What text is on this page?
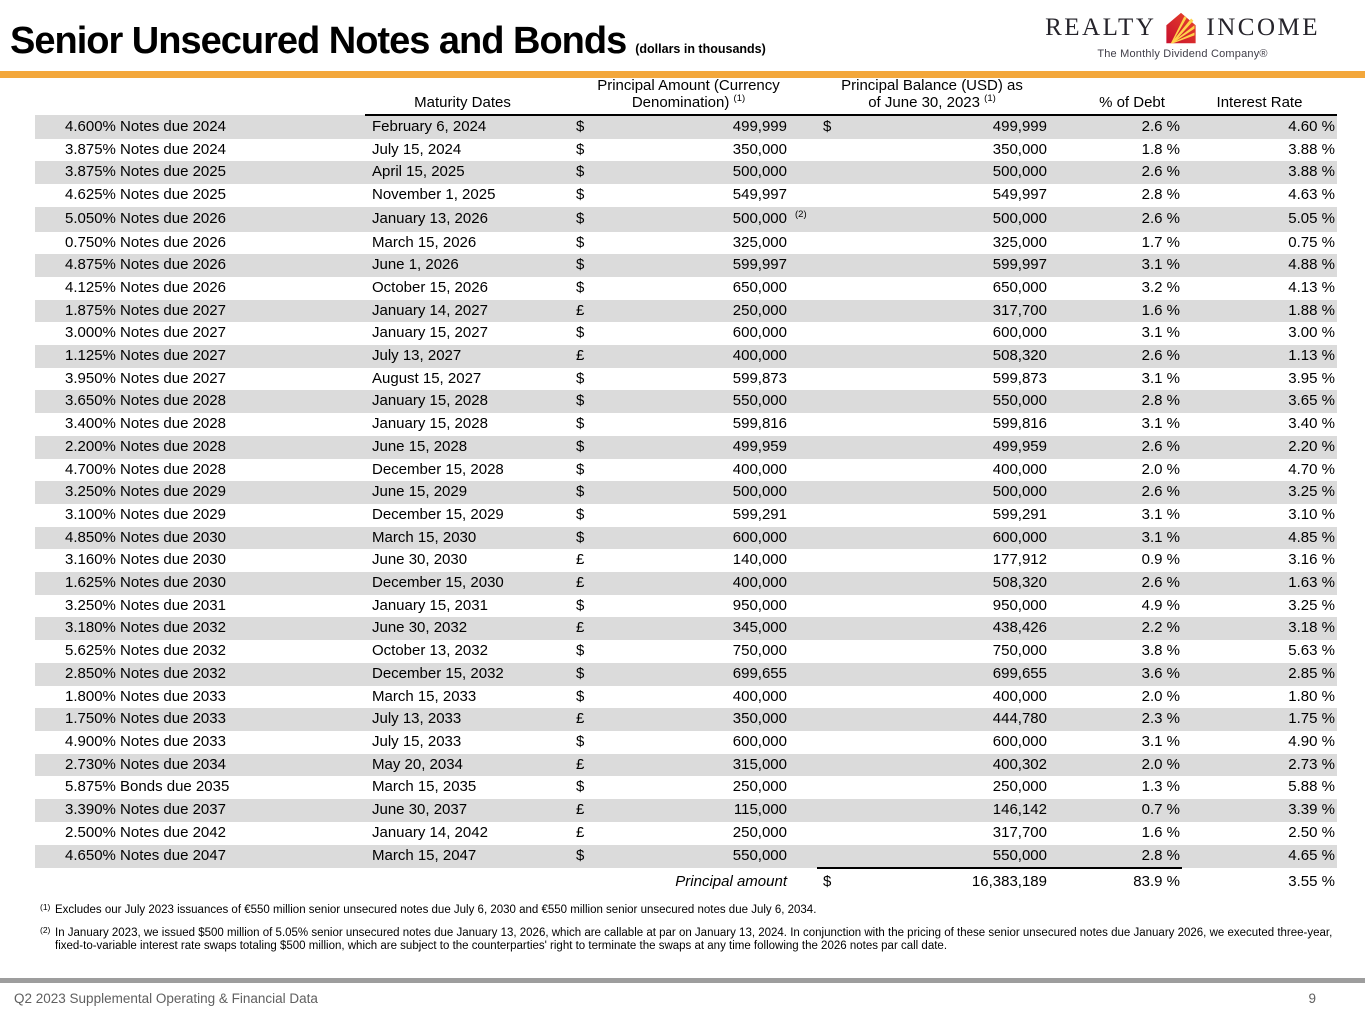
Senior Unsecured Notes and Bonds (dollars in thousands)
REALTY INCOME
The Monthly Dividend Company®
	Maturity Dates	Principal Amount (Currency
Denomination) $^{(1)}$			Principal Balance (USD) as
of June 30, 2023 $^{(1)}$		% of Debt	Interest Rate
4.600% Notes due 2024	February 6, 2024	$	499,999		$	499,999	2.6 %	4.60 %
3.875% Notes due 2024	July 15, 2024	$	350,000			350,000	1.8 %	3.88 %
3.875% Notes due 2025	April 15, 2025	$	500,000			500,000	2.6 %	3.88 %
4.625% Notes due 2025	November 1, 2025	$	549,997			549,997	2.8 %	4.63 %
5.050% Notes due 2026	January 13, 2026	$	500,000	$^{(2)}$		500,000	2.6 %	5.05 %
0.750% Notes due 2026	March 15, 2026	$	325,000			325,000	1.7 %	0.75 %
4.875% Notes due 2026	June 1, 2026	$	599,997			599,997	3.1 %	4.88 %
4.125% Notes due 2026	October 15, 2026	$	650,000			650,000	3.2 %	4.13 %
1.875% Notes due 2027	January 14, 2027	£	250,000			317,700	1.6 %	1.88 %
3.000% Notes due 2027	January 15, 2027	$	600,000			600,000	3.1 %	3.00 %
1.125% Notes due 2027	July 13, 2027	£	400,000			508,320	2.6 %	1.13 %
3.950% Notes due 2027	August 15, 2027	$	599,873			599,873	3.1 %	3.95 %
3.650% Notes due 2028	January 15, 2028	$	550,000			550,000	2.8 %	3.65 %
3.400% Notes due 2028	January 15, 2028	$	599,816			599,816	3.1 %	3.40 %
2.200% Notes due 2028	June 15, 2028	$	499,959			499,959	2.6 %	2.20 %
4.700% Notes due 2028	December 15, 2028	$	400,000			400,000	2.0 %	4.70 %
3.250% Notes due 2029	June 15, 2029	$	500,000			500,000	2.6 %	3.25 %
3.100% Notes due 2029	December 15, 2029	$	599,291			599,291	3.1 %	3.10 %
4.850% Notes due 2030	March 15, 2030	$	600,000			600,000	3.1 %	4.85 %
3.160% Notes due 2030	June 30, 2030	£	140,000			177,912	0.9 %	3.16 %
1.625% Notes due 2030	December 15, 2030	£	400,000			508,320	2.6 %	1.63 %
3.250% Notes due 2031	January 15, 2031	$	950,000			950,000	4.9 %	3.25 %
3.180% Notes due 2032	June 30, 2032	£	345,000			438,426	2.2 %	3.18 %
5.625% Notes due 2032	October 13, 2032	$	750,000			750,000	3.8 %	5.63 %
2.850% Notes due 2032	December 15, 2032	$	699,655			699,655	3.6 %	2.85 %
1.800% Notes due 2033	March 15, 2033	$	400,000			400,000	2.0 %	1.80 %
1.750% Notes due 2033	July 13, 2033	£	350,000			444,780	2.3 %	1.75 %
4.900% Notes due 2033	July 15, 2033	$	600,000			600,000	3.1 %	4.90 %
2.730% Notes due 2034	May 20, 2034	£	315,000			400,302	2.0 %	2.73 %
5.875% Bonds due 2035	March 15, 2035	$	250,000			250,000	1.3 %	5.88 %
3.390% Notes due 2037	June 30, 2037	£	115,000			146,142	0.7 %	3.39 %
2.500% Notes due 2042	January 14, 2042	£	250,000			317,700	1.6 %	2.50 %
4.650% Notes due 2047	March 15, 2047	$	550,000			550,000	2.8 %	4.65 %
Principal amount					$	16,383,189	83.9 %	3.55 %
(1) Excludes our July 2023 issuances of €550 million senior unsecured notes due July 6, 2030 and €550 million senior unsecured notes due July 6, 2034.
(2) In January 2023, we issued $500 million of 5.05% senior unsecured notes due January 13, 2026, which are callable at par on January 13, 2024. In conjunction with the pricing of these senior unsecured notes due January 2026, we executed three-year, fixed-to-variable interest rate swaps totaling $500 million, which are subject to the counterparties' right to terminate the swaps at any time following the 2026 notes par call date.
Q2 2023 Supplemental Operating & Financial Data	9
